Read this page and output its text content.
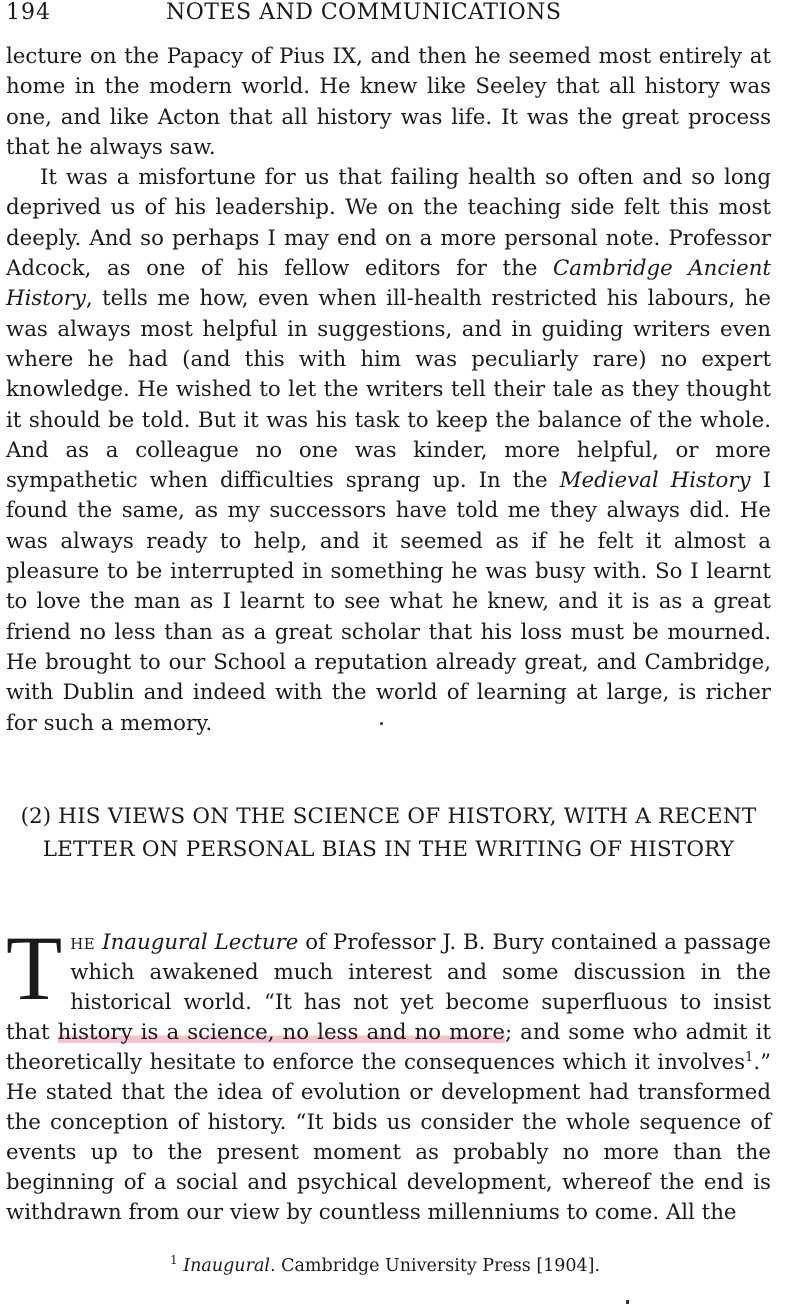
194	NOTES AND COMMUNICATIONS

lecture on the Papacy of Pius IX, and then he seemed most entirely at home in the modern world. He knew like Seeley that all history was one, and like Acton that all history was life. It was the great process that he always saw.

It was a misfortune for us that failing health so often and so long deprived us of his leadership. We on the teaching side felt this most deeply. And so perhaps I may end on a more personal note. Professor Adcock, as one of his fellow editors for the Cambridge Ancient History, tells me how, even when ill-health restricted his labours, he was always most helpful in suggestions, and in guiding writers even where he had (and this with him was peculiarly rare) no expert knowledge. He wished to let the writers tell their tale as they thought it should be told. But it was his task to keep the balance of the whole. And as a colleague no one was kinder, more helpful, or more sympathetic when difficulties sprang up. In the Medieval History I found the same, as my successors have told me they always did. He was always ready to help, and it seemed as if he felt it almost a pleasure to be interrupted in something he was busy with. So I learnt to love the man as I learnt to see what he knew, and it is as a great friend no less than as a great scholar that his loss must be mourned. He brought to our School a reputation already great, and Cambridge, with Dublin and indeed with the world of learning at large, is richer for such a memory.

(2) HIS VIEWS ON THE SCIENCE OF HISTORY, WITH A RECENT LETTER ON PERSONAL BIAS IN THE WRITING OF HISTORY

The Inaugural Lecture of Professor J. B. Bury contained a passage which awakened much interest and some discussion in the historical world. “It has not yet become superfluous to insist that history is a science, no less and no more; and some who admit it theoretically hesitate to enforce the consequences which it involves$^1$.” He stated that the idea of evolution or development had transformed the conception of history. “It bids us consider the whole sequence of events up to the present moment as probably no more than the beginning of a social and psychical development, whereof the end is withdrawn from our view by countless millenniums to come. All the

$^1$ Inaugural. Cambridge University Press [1904].
